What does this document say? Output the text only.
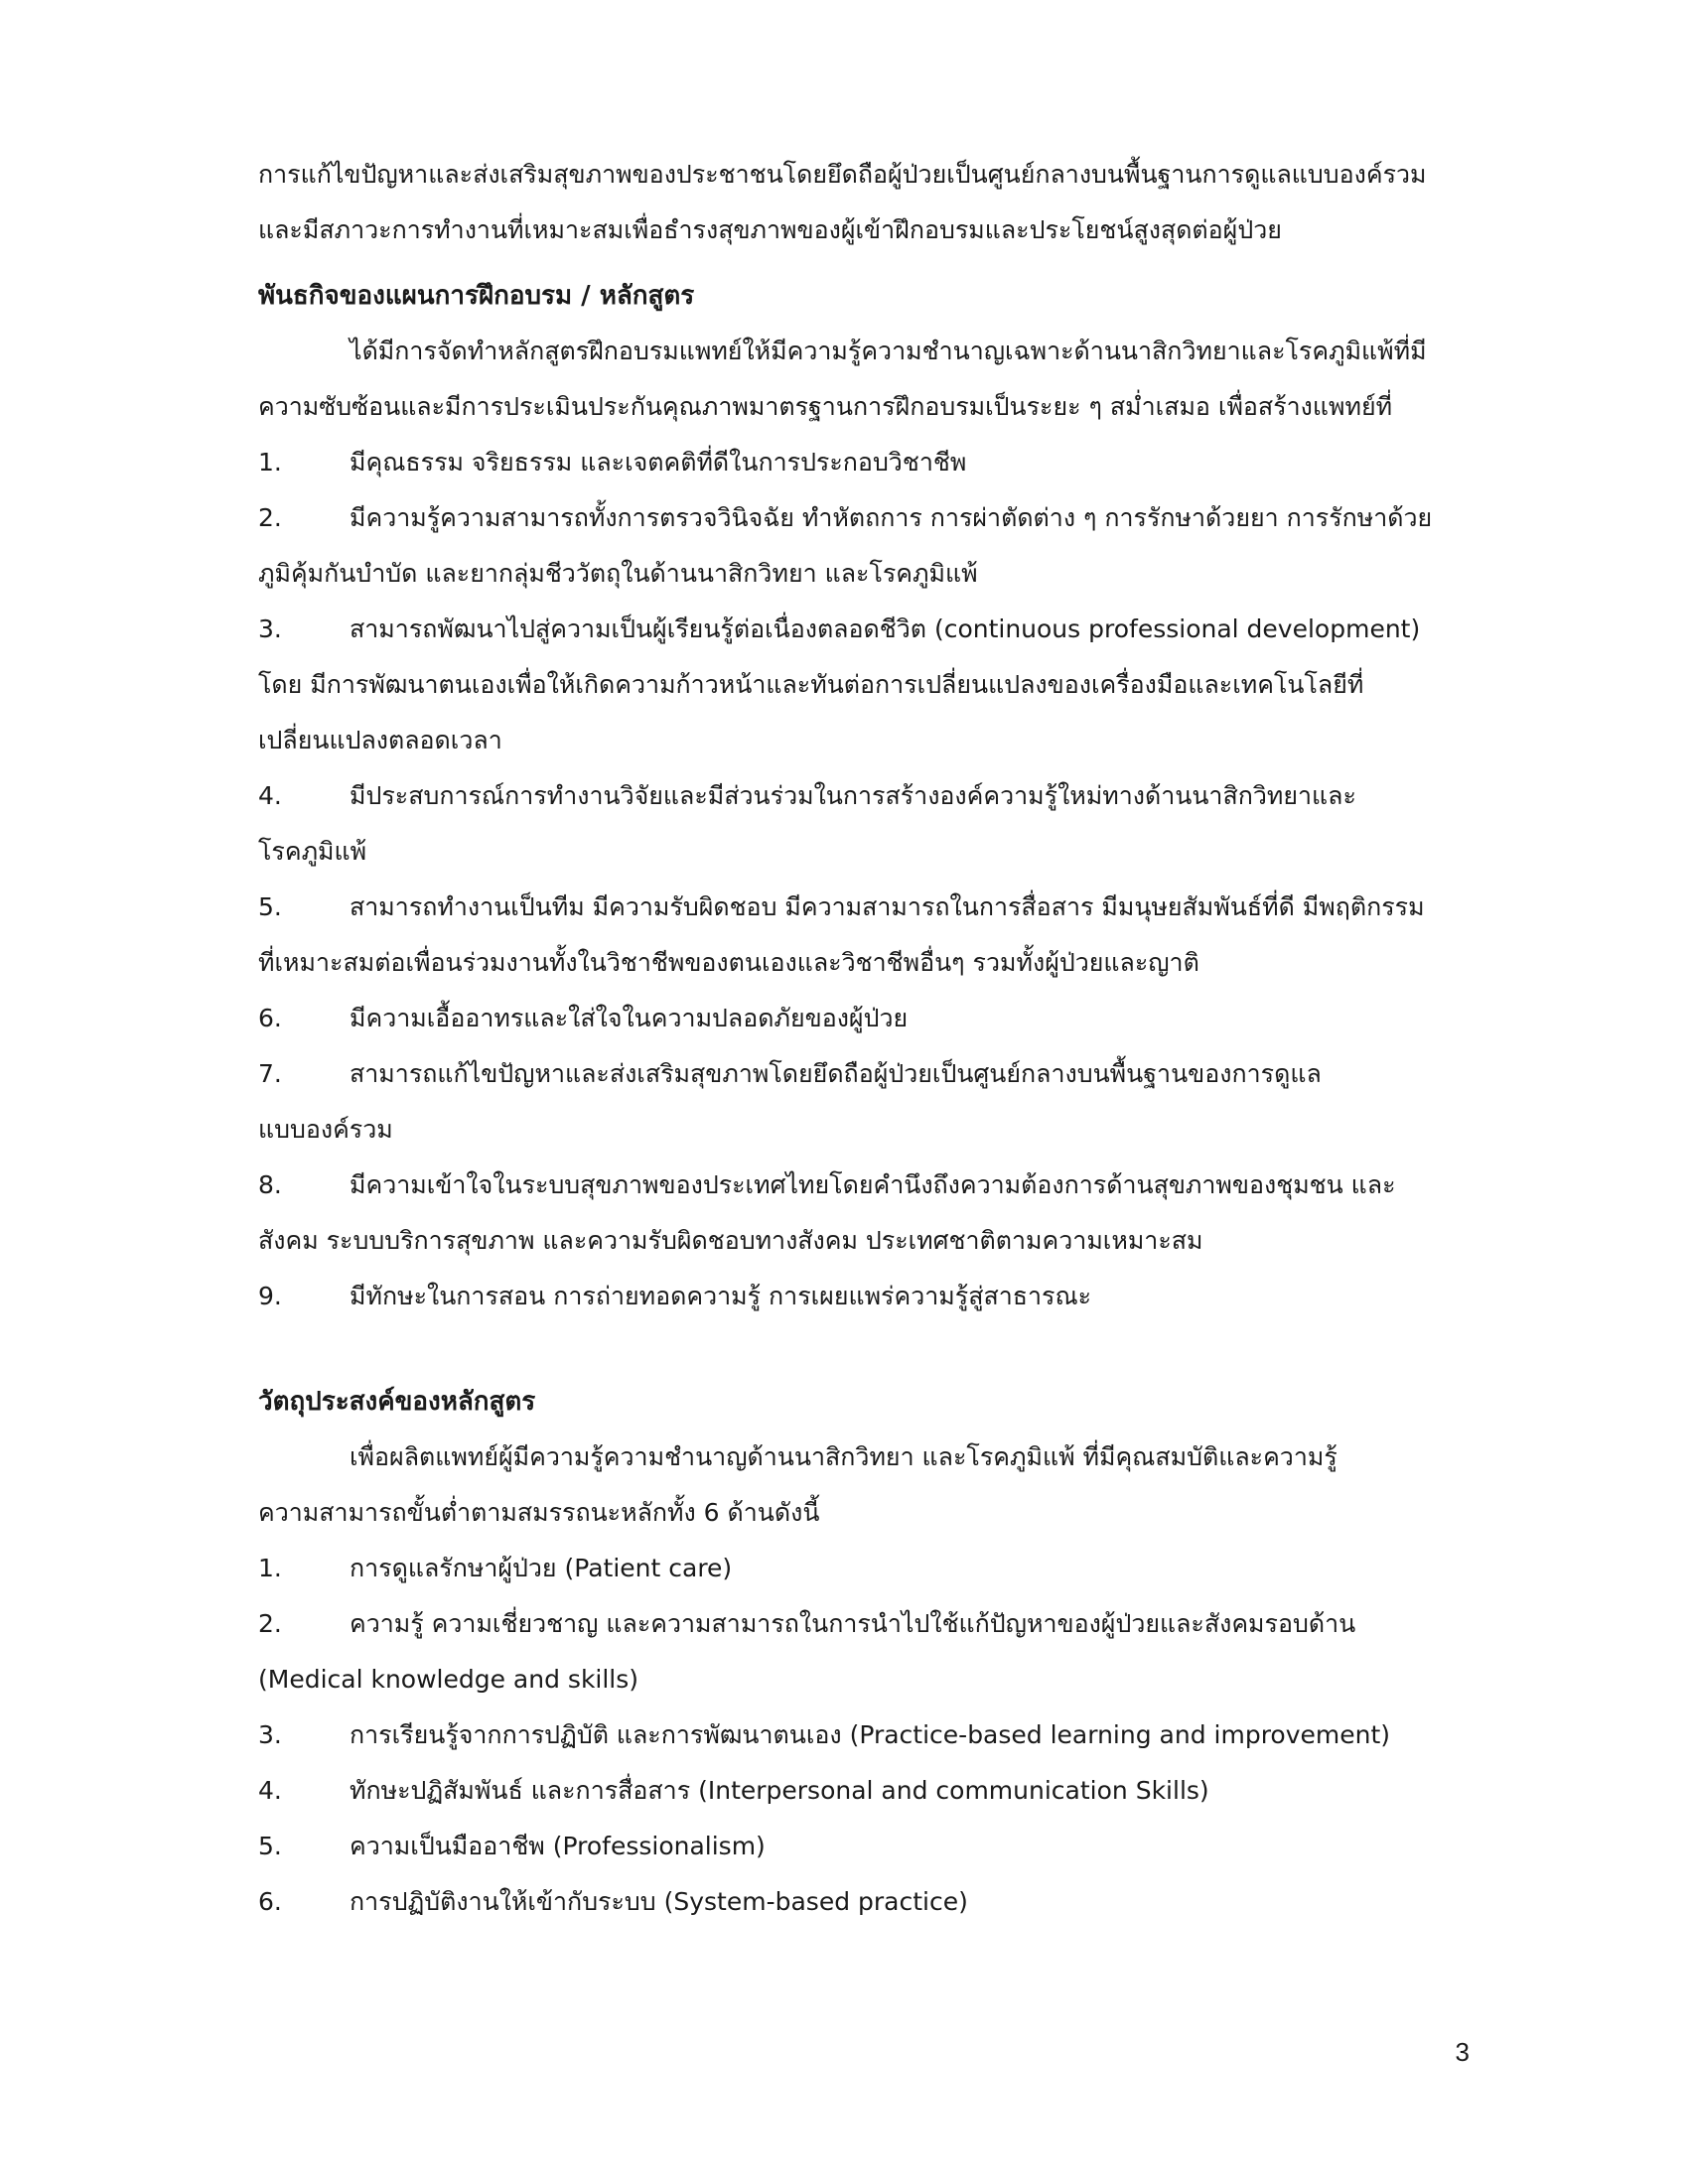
การแก้ไขปัญหาและส่งเสริมสุขภาพของประชาชนโดยยึดถือผู้ป่วยเป็นศูนย์กลางบนพื้นฐานการดูแลแบบองค์รวม

และมีสภาวะการทำงานที่เหมาะสมเพื่อธำรงสุขภาพของผู้เข้าฝึกอบรมและประโยชน์สูงสุดต่อผู้ป่วย

พันธกิจของแผนการฝึกอบรม / หลักสูตร

ได้มีการจัดทำหลักสูตรฝึกอบรมแพทย์ให้มีความรู้ความชำนาญเฉพาะด้านนาสิกวิทยาและโรคภูมิแพ้ที่มี

ความซับซ้อนและมีการประเมินประกันคุณภาพมาตรฐานการฝึกอบรมเป็นระยะ ๆ สม่ำเสมอ เพื่อสร้างแพทย์ที่

1.	มีคุณธรรม จริยธรรม และเจตคติที่ดีในการประกอบวิชาชีพ
2.	มีความรู้ความสามารถทั้งการตรวจวินิจฉัย ทำหัตถการ การผ่าตัดต่าง ๆ การรักษาด้วยยา การรักษาด้วย
ภูมิคุ้มกันบำบัด และยากลุ่มชีววัตถุในด้านนาสิกวิทยา และโรคภูมิแพ้
3.	สามารถพัฒนาไปสู่ความเป็นผู้เรียนรู้ต่อเนื่องตลอดชีวิต (continuous professional development)
โดย มีการพัฒนาตนเองเพื่อให้เกิดความก้าวหน้าและทันต่อการเปลี่ยนแปลงของเครื่องมือและเทคโนโลยีที่
เปลี่ยนแปลงตลอดเวลา
4.	มีประสบการณ์การทำงานวิจัยและมีส่วนร่วมในการสร้างองค์ความรู้ใหม่ทางด้านนาสิกวิทยาและ
โรคภูมิแพ้
5.	สามารถทำงานเป็นทีม มีความรับผิดชอบ มีความสามารถในการสื่อสาร มีมนุษยสัมพันธ์ที่ดี มีพฤติกรรม
ที่เหมาะสมต่อเพื่อนร่วมงานทั้งในวิชาชีพของตนเองและวิชาชีพอื่นๆ รวมทั้งผู้ป่วยและญาติ
6.	มีความเอื้ออาทรและใส่ใจในความปลอดภัยของผู้ป่วย
7.	สามารถแก้ไขปัญหาและส่งเสริมสุขภาพโดยยึดถือผู้ป่วยเป็นศูนย์กลางบนพื้นฐานของการดูแล
แบบองค์รวม
8.	มีความเข้าใจในระบบสุขภาพของประเทศไทยโดยคำนึงถึงความต้องการด้านสุขภาพของชุมชน และ
สังคม ระบบบริการสุขภาพ และความรับผิดชอบทางสังคม ประเทศชาติตามความเหมาะสม
9.	มีทักษะในการสอน การถ่ายทอดความรู้ การเผยแพร่ความรู้สู่สาธารณะ
วัตถุประสงค์ของหลักสูตร

เพื่อผลิตแพทย์ผู้มีความรู้ความชำนาญด้านนาสิกวิทยา และโรคภูมิแพ้ ที่มีคุณสมบัติและความรู้

ความสามารถขั้นต่ำตามสมรรถนะหลักทั้ง 6 ด้านดังนี้

1.	การดูแลรักษาผู้ป่วย (Patient care)
2.	ความรู้ ความเชี่ยวชาญ และความสามารถในการนำไปใช้แก้ปัญหาของผู้ป่วยและสังคมรอบด้าน
(Medical knowledge and skills)
3.	การเรียนรู้จากการปฏิบัติ และการพัฒนาตนเอง (Practice-based learning and improvement)
4.	ทักษะปฏิสัมพันธ์ และการสื่อสาร (Interpersonal and communication Skills)
5.	ความเป็นมืออาชีพ (Professionalism)
6.	การปฏิบัติงานให้เข้ากับระบบ (System-based practice)
3
